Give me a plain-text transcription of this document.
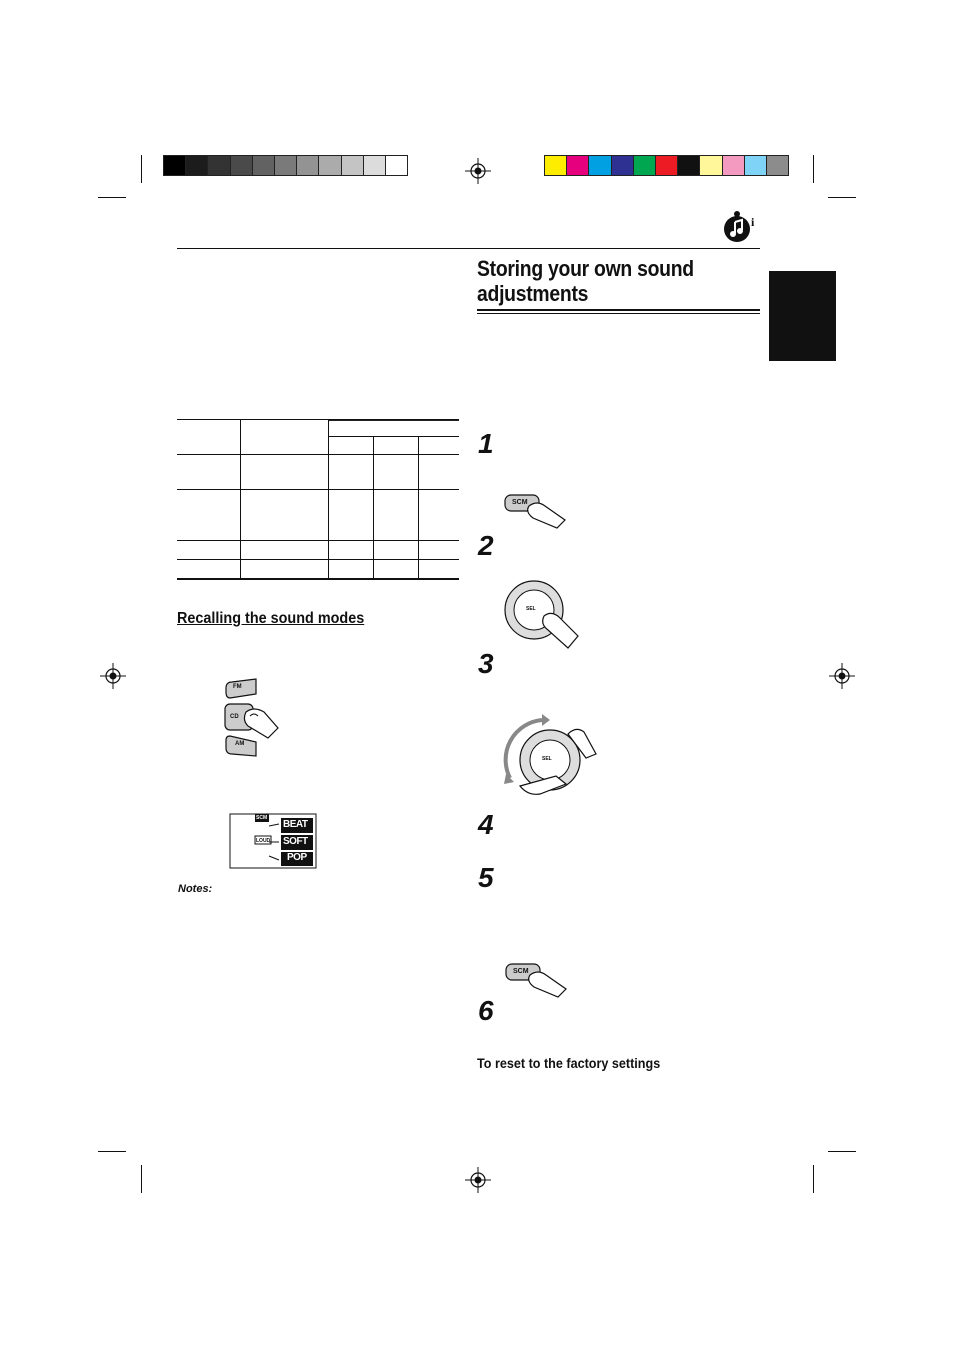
i
Storing your own sound adjustments

Recalling the sound modes
FM
CD
AM
SCM
LOUD
BEAT
SOFT
POP
Notes:
1
2
3
4
5
6
SCM
SEL
SEL
SCM
To reset to the factory settings
